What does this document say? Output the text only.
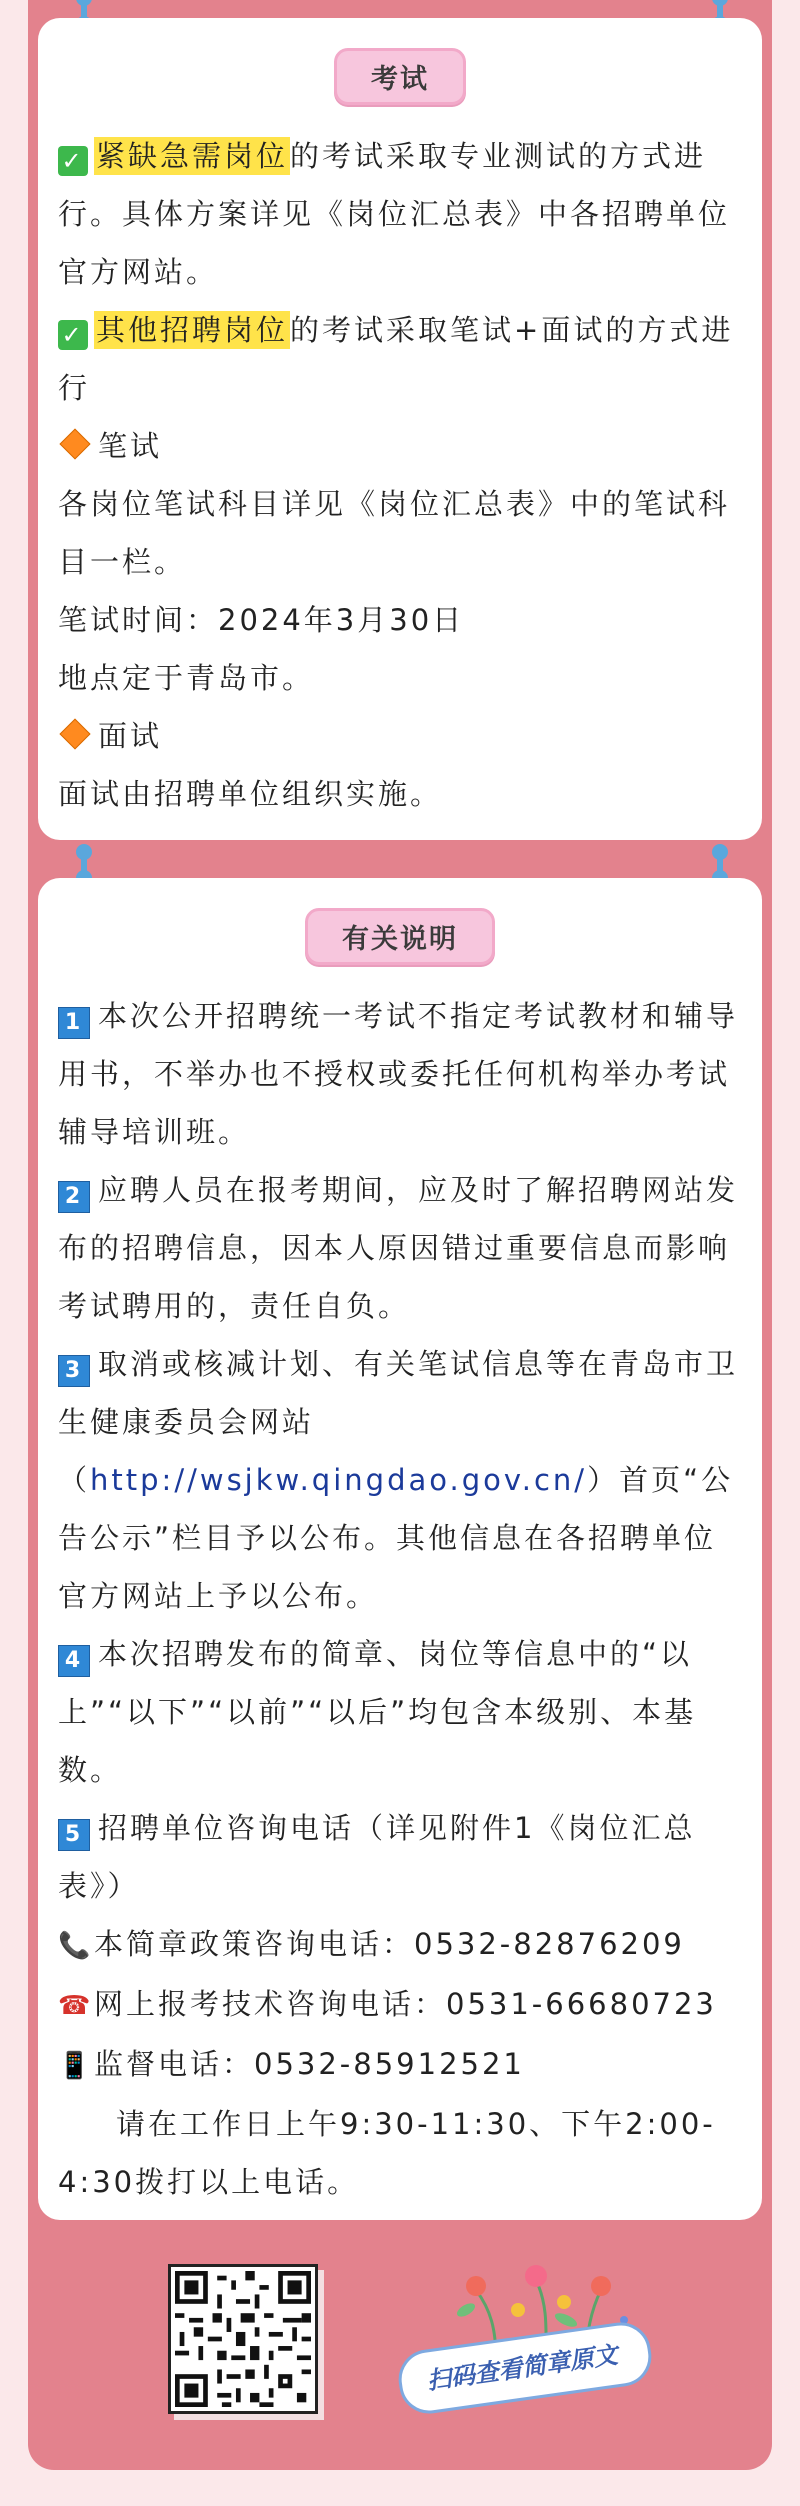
考试

✓ 紧缺急需岗位的考试采取专业测试的方式进行。具体方案详见《岗位汇总表》中各招聘单位官方网站。

✓ 其他招聘岗位的考试采取笔试+面试的方式进行

笔试

各岗位笔试科目详见《岗位汇总表》中的笔试科目一栏。

笔试时间：2024年3月30日

地点定于青岛市。

面试

面试由招聘单位组织实施。

有关说明

1 本次公开招聘统一考试不指定考试教材和辅导用书，不举办也不授权或委托任何机构举办考试辅导培训班。

2 应聘人员在报考期间，应及时了解招聘网站发布的招聘信息，因本人原因错过重要信息而影响考试聘用的，责任自负。

3 取消或核减计划、有关笔试信息等在青岛市卫生健康委员会网站（http://wsjkw.qingdao.gov.cn/）首页“公告公示”栏目予以公布。其他信息在各招聘单位官方网站上予以公布。

4 本次招聘发布的简章、岗位等信息中的“以上”“以下”“以前”“以后”均包含本级别、本基数。

5 招聘单位咨询电话（详见附件1《岗位汇总表》）

📞本简章政策咨询电话：0532-82876209

☎网上报考技术咨询电话：0531-66680723

📱监督电话：0532-85912521

请在工作日上午9:30-11:30、下午2:00-4:30拨打以上电话。

扫码查看简章原文
